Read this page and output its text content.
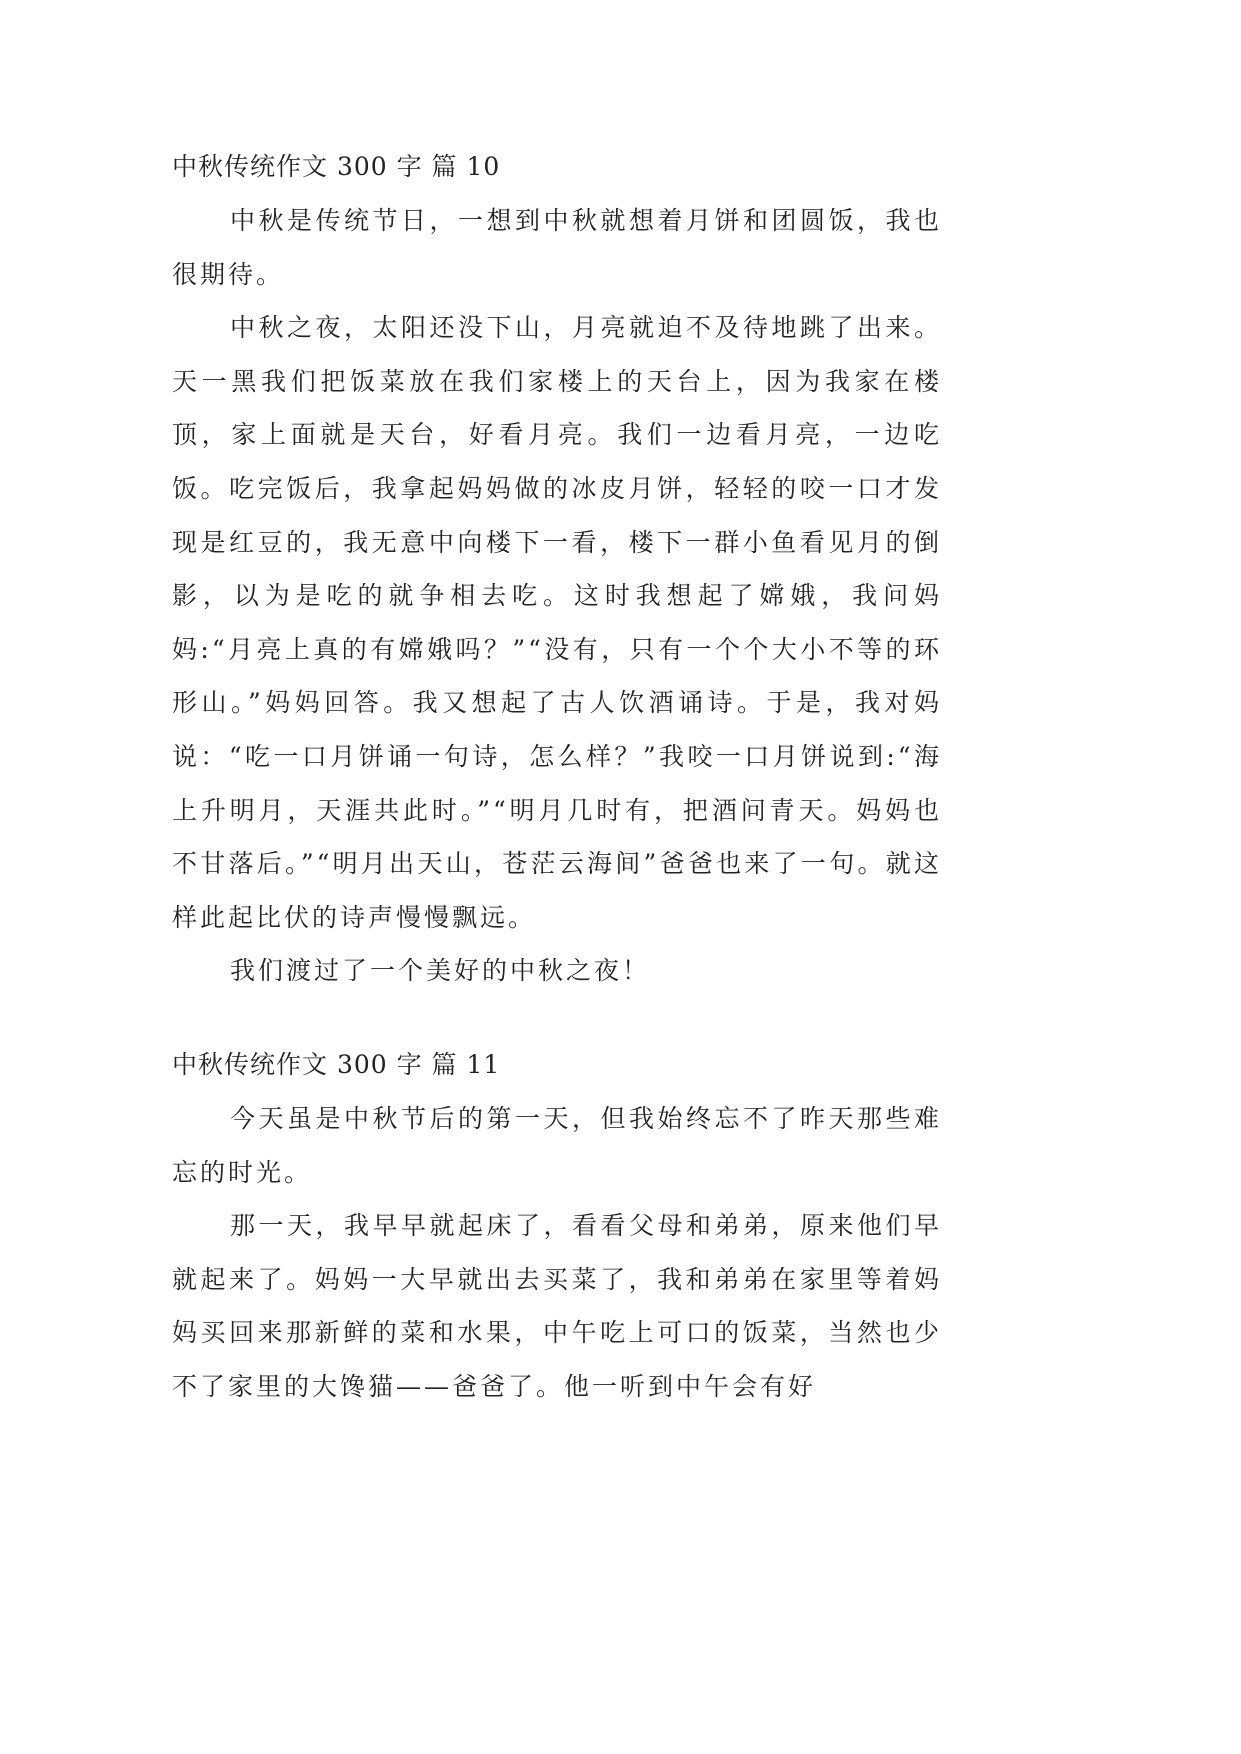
中秋传统作文 300 字 篇 10

中秋是传统节日，一想到中秋就想着月饼和团圆饭，我也很期待。

中秋之夜，太阳还没下山，月亮就迫不及待地跳了出来。天一黑我们把饭菜放在我们家楼上的天台上，因为我家在楼顶，家上面就是天台，好看月亮。我们一边看月亮，一边吃饭。吃完饭后，我拿起妈妈做的冰皮月饼，轻轻的咬一口才发现是红豆的，我无意中向楼下一看，楼下一群小鱼看见月的倒影，以为是吃的就争相去吃。这时我想起了嫦娥，我问妈妈:“月亮上真的有嫦娥吗？”“没有，只有一个个大小不等的环形山。”妈妈回答。我又想起了古人饮酒诵诗。于是，我对妈说：“吃一口月饼诵一句诗，怎么样？”我咬一口月饼说到:“海上升明月，天涯共此时。”“明月几时有，把酒问青天。妈妈也不甘落后。”“明月出天山，苍茫云海间”爸爸也来了一句。就这样此起比伏的诗声慢慢飘远。

我们渡过了一个美好的中秋之夜！

中秋传统作文 300 字 篇 11

今天虽是中秋节后的第一天，但我始终忘不了昨天那些难忘的时光。

那一天，我早早就起床了，看看父母和弟弟，原来他们早就起来了。妈妈一大早就出去买菜了，我和弟弟在家里等着妈妈买回来那新鲜的菜和水果，中午吃上可口的饭菜，当然也少不了家里的大馋猫——爸爸了。他一听到中午会有好
